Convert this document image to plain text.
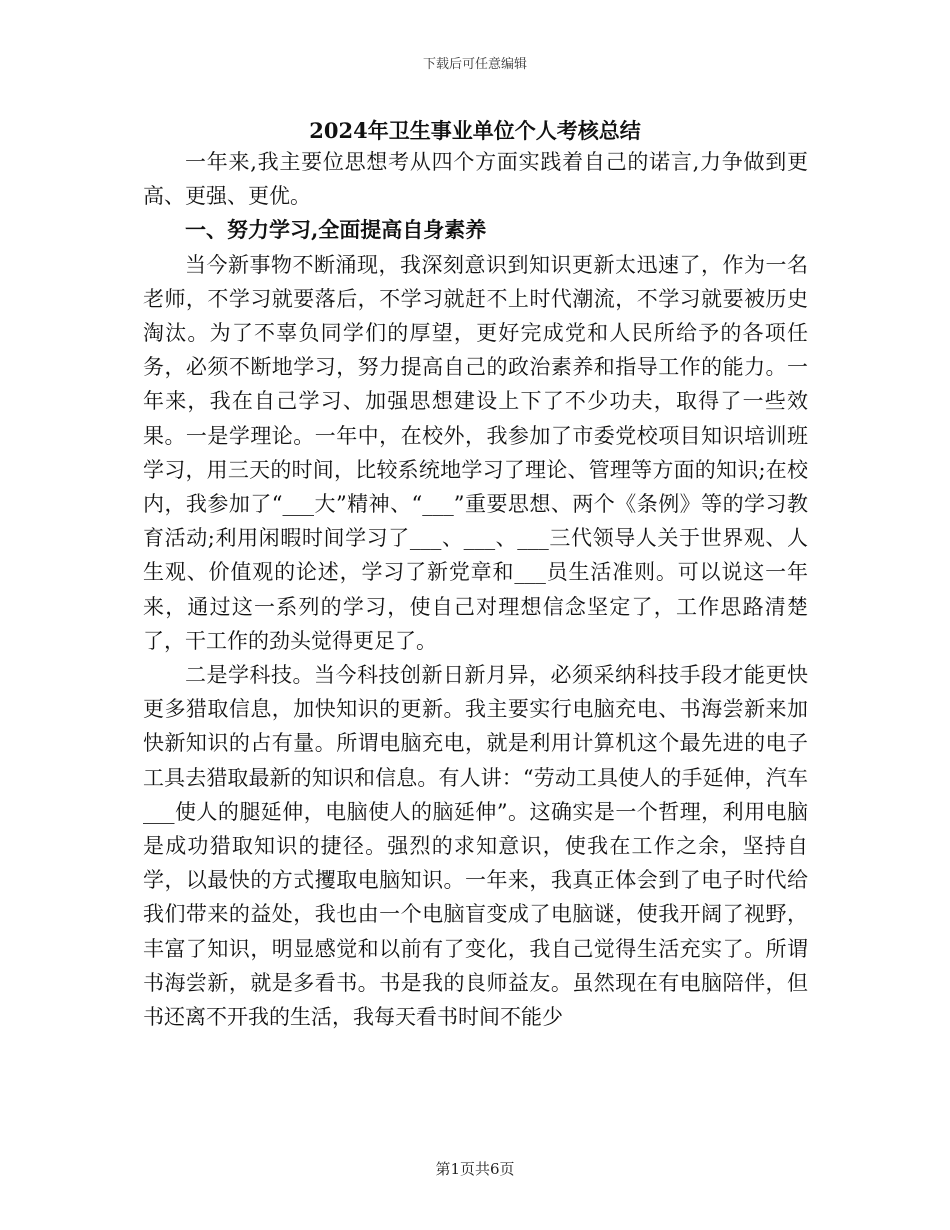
下载后可任意编辑
2024年卫生事业单位个人考核总结

一年来,我主要位思想考从四个方面实践着自己的诺言,力争做到更高、更强、更优。

一、努力学习,全面提高自身素养

当今新事物不断涌现，我深刻意识到知识更新太迅速了，作为一名老师，不学习就要落后，不学习就赶不上时代潮流，不学习就要被历史淘汰。为了不辜负同学们的厚望，更好完成党和人民所给予的各项任务，必须不断地学习，努力提高自己的政治素养和指导工作的能力。一年来，我在自己学习、加强思想建设上下了不少功夫，取得了一些效果。一是学理论。一年中，在校外，我参加了市委党校项目知识培训班学习，用三天的时间，比较系统地学习了理论、管理等方面的知识;在校内，我参加了“___大”精神、“___”重要思想、两个《条例》等的学习教育活动;利用闲暇时间学习了___、___、___三代领导人关于世界观、人生观、价值观的论述，学习了新党章和___员生活准则。可以说这一年来，通过这一系列的学习，使自己对理想信念坚定了，工作思路清楚了，干工作的劲头觉得更足了。

二是学科技。当今科技创新日新月异，必须采纳科技手段才能更快更多猎取信息，加快知识的更新。我主要实行电脑充电、书海尝新来加快新知识的占有量。所谓电脑充电，就是利用计算机这个最先进的电子工具去猎取最新的知识和信息。有人讲：“劳动工具使人的手延伸，汽车___使人的腿延伸，电脑使人的脑延伸”。这确实是一个哲理，利用电脑是成功猎取知识的捷径。强烈的求知意识，使我在工作之余，坚持自学，以最快的方式攫取电脑知识。一年来，我真正体会到了电子时代给我们带来的益处，我也由一个电脑盲变成了电脑谜，使我开阔了视野，丰富了知识，明显感觉和以前有了变化，我自己觉得生活充实了。所谓书海尝新，就是多看书。书是我的良师益友。虽然现在有电脑陪伴，但书还离不开我的生活，我每天看书时间不能少

第1页共6页
